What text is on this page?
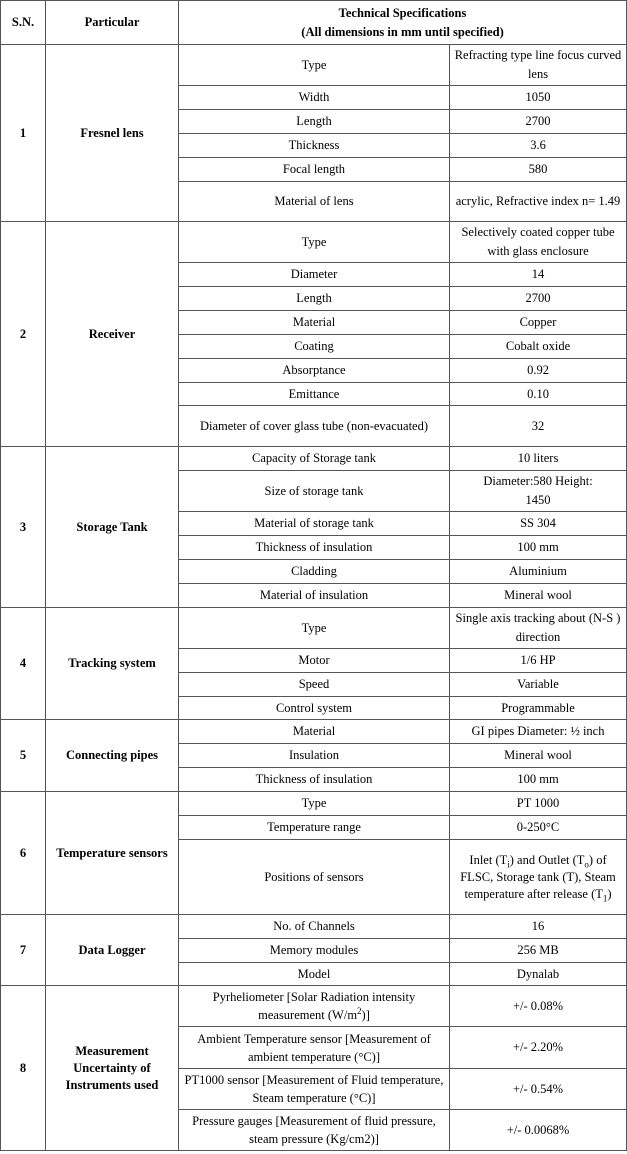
S.N.	Particular	Technical Specifications
(All dimensions in mm until specified)	

1	Fresnel lens	Type	Refracting type line focus curved lens
		Width	1050
		Length	2700
		Thickness	3.6
		Focal length	580
		Material of lens	acrylic, Refractive index n= 1.49
2	Receiver	Type	Selectively coated copper tube with glass enclosure
		Diameter	14
		Length	2700
		Material	Copper
		Coating	Cobalt oxide
		Absorptance	0.92
		Emittance	0.10
		Diameter of cover glass tube (non-evacuated)	32
3	Storage Tank	Capacity of Storage tank	10 liters
		Size of storage tank	Diameter:580 Height: 1450
		Material of storage tank	SS 304
		Thickness of insulation	100 mm
		Cladding	Aluminium
		Material of insulation	Mineral wool
4	Tracking system	Type	Single axis tracking about (N-S ) direction
		Motor	1/6 HP
		Speed	Variable
		Control system	Programmable
5	Connecting pipes	Material	GI pipes Diameter: ½ inch
		Insulation	Mineral wool
		Thickness of insulation	100 mm
6	Temperature sensors	Type	PT 1000
		Temperature range	0-250°C
		Positions of sensors	Inlet $(T_i)$ and Outlet $(T_o)$ of FLSC, Storage tank (T), Steam temperature after release $(T_1)$
7	Data Logger	No. of Channels	16
		Memory modules	256 MB
		Model	Dynalab
8	Measurement Uncertainty of Instruments used	Pyrheliometer [Solar Radiation intensity measurement $(W/m^2)$]	+/- 0.08%
		Ambient Temperature sensor [Measurement of ambient temperature (°C)]	+/- 2.20%
		PT1000 sensor [Measurement of Fluid temperature, Steam temperature (°C)]	+/- 0.54%
		Pressure gauges [Measurement of fluid pressure, steam pressure (Kg/cm2)]	+/- 0.0068%
